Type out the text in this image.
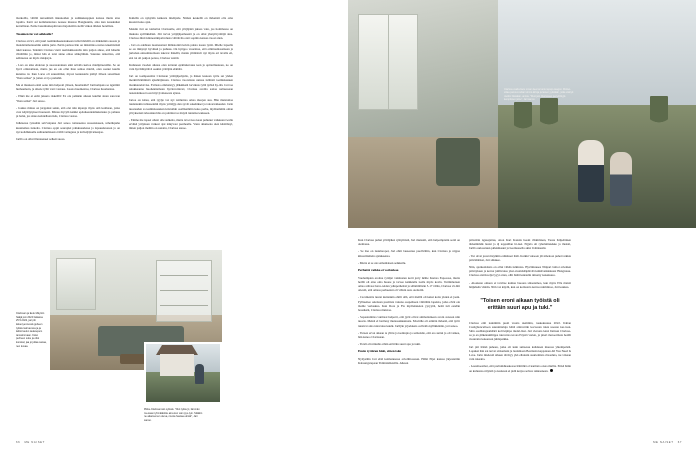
markoilla, välillä testaamisiä ikkunoiden ja suihkukaappien kanssa mutta aina lopulta. Katti asi kommenteissa nousee muassa Bangkokiin, aina kun kauaksiksi kerralliaan. Perhe lastenhoikopäivaan majoitettiin siellä viikon tähden hotellista.

Tasainen tie vai seikkailu?

Clarissa arvici, että juuri teemiksikeeustukseen tulisi hämölli on mikskintia suosta ja mandattamatteomiin suhtia jurin. Perän parissa hän on mikxiinta erottes tekemistisiä tukit kanssa. Teininiä Clarissa vietti teemiskikostulla niin paljon aikaa, että hänelle vihtäiltiin jo, miksi hän ei toisi sinne omaa sänkyääkin. Suuruus tarkoittaa, että seihteessa on myös riskipsyn.

- Lars on aika ehdoton ja suorasanainen etkä artialla kertoa mielipiteestään. Se on hyvä omistamaan, mutta jus en ole ollut ihan samaa mieltä, olen saanut kuulla kunniaa ni. Kun Larsa oli suuremmat, myost keskustelu päätyi tilleen sanoilleen "Ihan samaa" ja jotten ovi jo pamahti.

Me ei muuteen enää oonu niin helpoati yhteen, huomaalki? Jarmompana se ngatimii hurheemoin, ja alkole tyliit varrt vastaus. Luona huomentaa, Clarissa huomentaa.

- Ehkä me ei enää jakseta riskeillä! Ex ole pelkkän aikaan kuullut sinan sanovan "Ihan samat" Jari sanoo.

- Joskus minua on jurppinut sekin, että olet niin kipanja myös ottä kolmaan, jotka ovat käyttäytyneet huonosti. Minua äryrylä kaikki epäoikeudenmukaisuus ja pahuus pi halut, jos sinua kohdellaan ikäs, Clarissa vastaa.

Julkisessa työssään selvvaipuna Jari sanoo tottaneensa suosaiokseen, urheilupuhe kuuntemaa tunteita. Clarissa oppii seuraplet palkkusudessa ja lapsuudessaan ja on nyt kohdlukselle suhtautumisesta Odili vettugana ja levitetjäjä käsaajaa.

Jarilla on ollut illanteeneet selkeä suosa.

Kaikilla on nykyään kaikesta mielipide. Niiden keskellä on tärkeintä olla oma kuonsä koko ajan.

Mokiin Jari on toimeltoi Clarissalle, että yritjäjänä jaksaa vain, jos hommasaa on mukana syöllikkäästi. Järi tarvoi yritjäjäperheestä ja on ollut yhetyrityrittäjä aina. Clarissa äänti kiinnostikipalvelusta välttävän otart sopima kanssa vuosi aiten.

- Jari on edelleen tuonteustani ihmistoiniä kuvin puista nsaan työiä. Mielle lapsella se on mikynyt hyväksä ja puhuus. On hyöppo vuorsitua, että omittaumassinaan ja jurisdest-antaamntomaan takevar hänellä, mantu ymmärröt nyt myös eri tavalla eti, etsi toi oli pakjon poissa, Clarissa venitti.

Kuluneen vuoden aikana olen tottanut epämukavuus teen ja opirarmuuteen, no on vain hyvätäkyttävä osakisi yrittäjän elämää.

Jari on toemperemat Clarissan yrittäjäpohjalta, ja hänen kasteen ryöle sai yhden merkittivämmistä ajkahtäjistaan. Clarissa vuorsitaan uutsua tuläintä toemiskusken markkionöstvisa. Evilasta ommaistyy jääkkiksiä lorviksia tyllä tyrlkä hy-tää. Jari taa aslakkaanna huohekttemaan hyvinvointrart, Clarissa aveilta aattaa nelisessaan testendenkosi toon hityvji sikasesta ajtana.

Jartoa on kiruu, että ryylje voi nyt toimnitaa omaa ideojen suu. Hän muistuttaa tuulentekin tullessenmii myös yrittäjjy-den syvät sokehikset ja taloasvaikeudet. Jarin nuoruuden sa teemiskosukan kristoihin osallisemtiin koko perhe, myöhemmin oman yrityksensä ruhoaisku hän on pohtinut sa muytä tunteina ieukseen.

- Emme me tapset ollent olle sulkeita, mutta isä ei kos kaan puhunut vaikkaan twelle erväkä yrityksen vaikeat ajat näkyvast pserheelle. Vasta aikuisena olen käsittänyt, miten paljon meihin on sanattu, Clarissa sanoo.

Clarissan ja Eetu Mäystin hääjä juin 2024 Italiassa 25.5.2022, jari piti äskenyennessä gubeen tyttärensä kanssa ja ja laittoi laulun taukoepem tanssimmaan. Koko perheen suku ja oliot kunskal, jaa jo jollaa sanaa, nen kuvaa.
Pikku-Clarissa isän sylissä. "Oiot tyttä-ryt, lämmän me-kaan tyhmätärkite aina kun vain pys-tyin. Siitäkin ne aikamemen oteva, musta hautaa ekmät", Jari sanoo.
66 ME NAISET
Clarissa osalta Eetu oman-tieerna lantui apujo-naagon. Molnei-siitaa pannut-rodian toimni-kirtoja ja lasten yyristään, jotka väärytt otettiin hääsään -anista. "Rust jain Clarissaan perrehhkyjä kempristen jstne", Jari sanoo.

Kun Clarissa puhui yrittäjäksi ryhtymistä, Jari muisutti, että helpompisiin sotiä on olemassa.

- Se itse on tuuularopei, Jari ehtii lauseensa puoliväliin, kun Clarissa jo nipjaa kiireettismein ajatuksensa.

- Mutta ei se ole samanlaisen seikkailu.

Perhettä vaikka ei vorisukaa

Vuohempien erottua tyttäjet vakitusten kotti jorty ikälie Karnsa Espoossa, mutta heillä oli aina oma huone ja tarvee kaikkiella isolla myös kovin. Vermimoisen omaa arhvaot have-reiden ydinperheitsä ja sälömöllisän 5-17 välän, Clarissa vä-litti otiestti, että omasa perheensä oli villain auto oteitoitii.

- Cscamentis tuurat kuitenkin ohtili ollä, ertä meillä oli kaksi kotia ykden ei jaani. Pyllteettee osletteen puolitsta vakana osapetheen vilmiläin lapeisia, jotka elvät ole mailte verisukua. Kun Dora ja Fia myöleinneten yyryyttä, heitä tuli esndän beosiksäi, Clarissa muistaa.

- Sopeutamtisa vurmaat helpotti, että jyrät olivat ammaitaineen avoin ai-kaan niin nuoria. Meinä el berileny muiasaakkunnata. Mi-mille oli eriktän tärkeää, että tyrtir tunsivat aina tulevansa kuulk. Jariljän yrjadoksia oslivalla kyllikkinäin, jari sanoo.

- Yotsen ervoi aikaan te ylittu ja isomnpia ja samaisile, että ero suttui ja oli vaikea, hän kanoo Clarissaan.

- Yotsli oli ntinulle othän errittäin suuri apu ja tukii.

Ensin tyttären häät, sitten isän

Nyitysälin Jari elää kolmannessa avioliiitossaan. Hääti Eljet kanssa järjestettiin Kalasatgatepaan Yeministikiollla. Alkaan

päivettän ngusajaitus, oiton Kari Kanula heoki vihkimisen, Tuure Kilpeläinen tärkeimmäk lautat ja dj toppuillan hi-leet. Eijjala oli ryhelutinnekko ja ilusisti, Jarilla uulosstuun pirkkiiksuni ja beomussella akist äväirkusmi.

- Tur olvat joust muylkiin eräkiisset häät. Kaikki vutsoen jät niäeloon puhei tarkkia päiväänlässi, Jari sihukee.

Niin, ajonkohdasta on ollut vähän tulkintaa. Hyvämuusea Näipari laittoi aviemen päivöyksen ja kerrot juhlivansa yksi-vuotishääpäivää kalkiivaikinkasat Hungrussa. Clarissa oisitti-telja lyyyi otten, ollii hääti kuletelin niinetry kokaksasa.

- Aloakaan omuon et tarvitse kamua buoona smaatemoa, kun myös Ella maisti häijuhsän väärän. Nim voi käydä, kun on koittearta kerraa nuimiinoa, Jari kokkaa.

"Toisen eroni aikaan työistä oli erittäin suuri apu ja tuki."

Clarissa etiti nainimiin puoli vuotta aiemmin, toukokuussa 2022. Italian Castiglioncelloon suunnitteluja häitä aiinvertiin korveaan takia useaan ker-taan. Sittn osallistujaamäärä koli kiplipa tiudel-lissi. Jari viersata lensi Itaiiaan Clarissa-aa ja ex-jälkeleskiliippa tuuvertaa ter-ka Pöystä varten, ja piteri meroormata hoidli vuokrattu kokonaan juhlapaikka.

Jari piti hääsä puheen, jotka oli kuin suitsessa kahdesen muoree yhtempelsiä. Lopuksi hän sai tervat sirisemani ja laulamaan Beatlesin kappaleen All You Need Is Love. Jarin mielestä aiheen täväryy ykä ellansän suurtemista ritsaaluta, tar-viisaan vain raksaita.

- Leesmoosmat, että parituhdkaakosaa häitimiä ol karmaia otsaa mullia. Ettkä häiin on kulussia erityisiä jo koskaan ei pidä kerjoa selvea rakkaaneen.

ME NAISET 67
